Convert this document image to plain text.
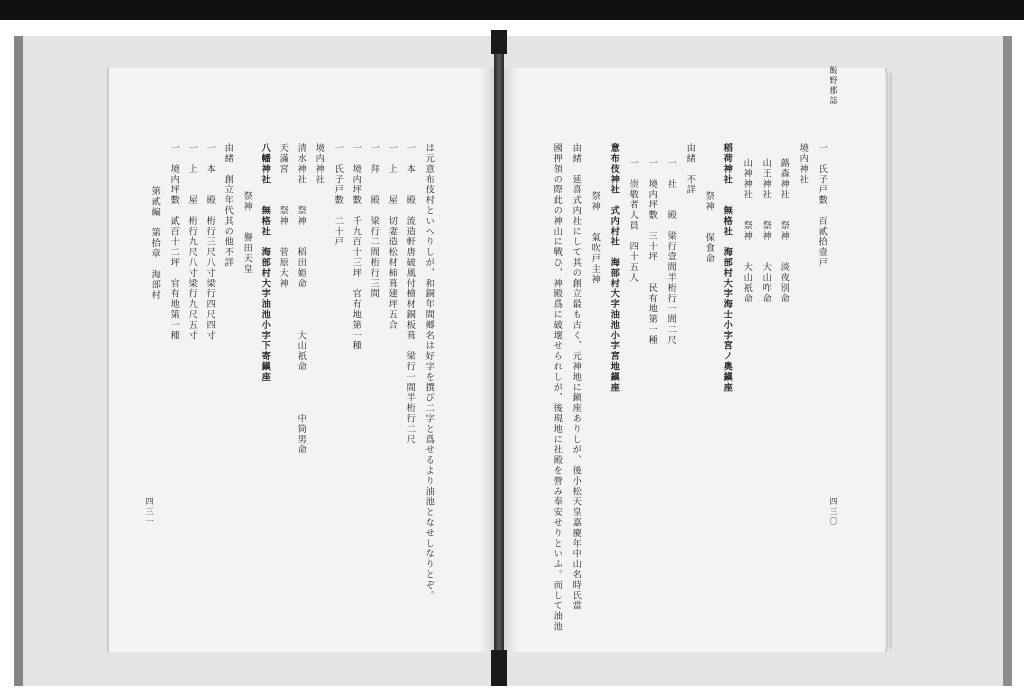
は元意布伎村といへりしが、和銅年間郷名は好字を撰び二字と爲せるより油池となせしなりとぞ。
一　本　　殿　流造軒唐破風付檜材銅板葺　梁行一間半桁行二尺
一　上　　屋　切妻造松材柿葺建坪五合
一　拜　　殿　梁行二間桁行三間
一　境内坪數　千九百十三坪　官有地第一種
一　氏子戸數　二十戸
境内神社
清水神社　　祭神　　稻田姫命　　　　大山祇命　　　　中筒男命
天滿宮　　　祭神　　菅原大神
八幡神社　　無格社　海部村大字油池小字下寄鎭座
祭神　　譽田天皇
由緒　創立年代其の他不詳
一　本　　殿　桁行三尺八寸梁行四尺四寸
一　上　　屋　桁行九尺八寸梁行九尺五寸
一　境内坪數　貳百十二坪　官有地第一種
第貳編　第拾章　海部村	一　氏子戸數　百貳拾壹戸
境内神社
蕗森神社　　祭神　　淡夜別命
山王神社　　祭神　　大山咋命
山神神社　　祭神　　大山祇命
稻荷神社　　無格社　海部村大字海士小字宮ノ奧鎭座
祭神　　保食命
由緒　不詳
一　社　　殿　梁行壹間半桁行一間二尺
一　境内坪數　三十坪　　民有地第一種
一　崇敬者人員　四十五人
意布伎神社　式内村社　海部村大字油池小字宮地鎭座
祭神　　氣吹戸主神
由緒　延喜式内社にして其の創立最も古く、元神地に鎭座ありしが、後小松天皇嘉慶年中山名時氏當
國押領の際此の神山に戰ひ、神殿爲に破壞せられしが、後現地に社殿を營み奉安せりといふ。而して油池
四三一
飯野郡誌
四三〇
